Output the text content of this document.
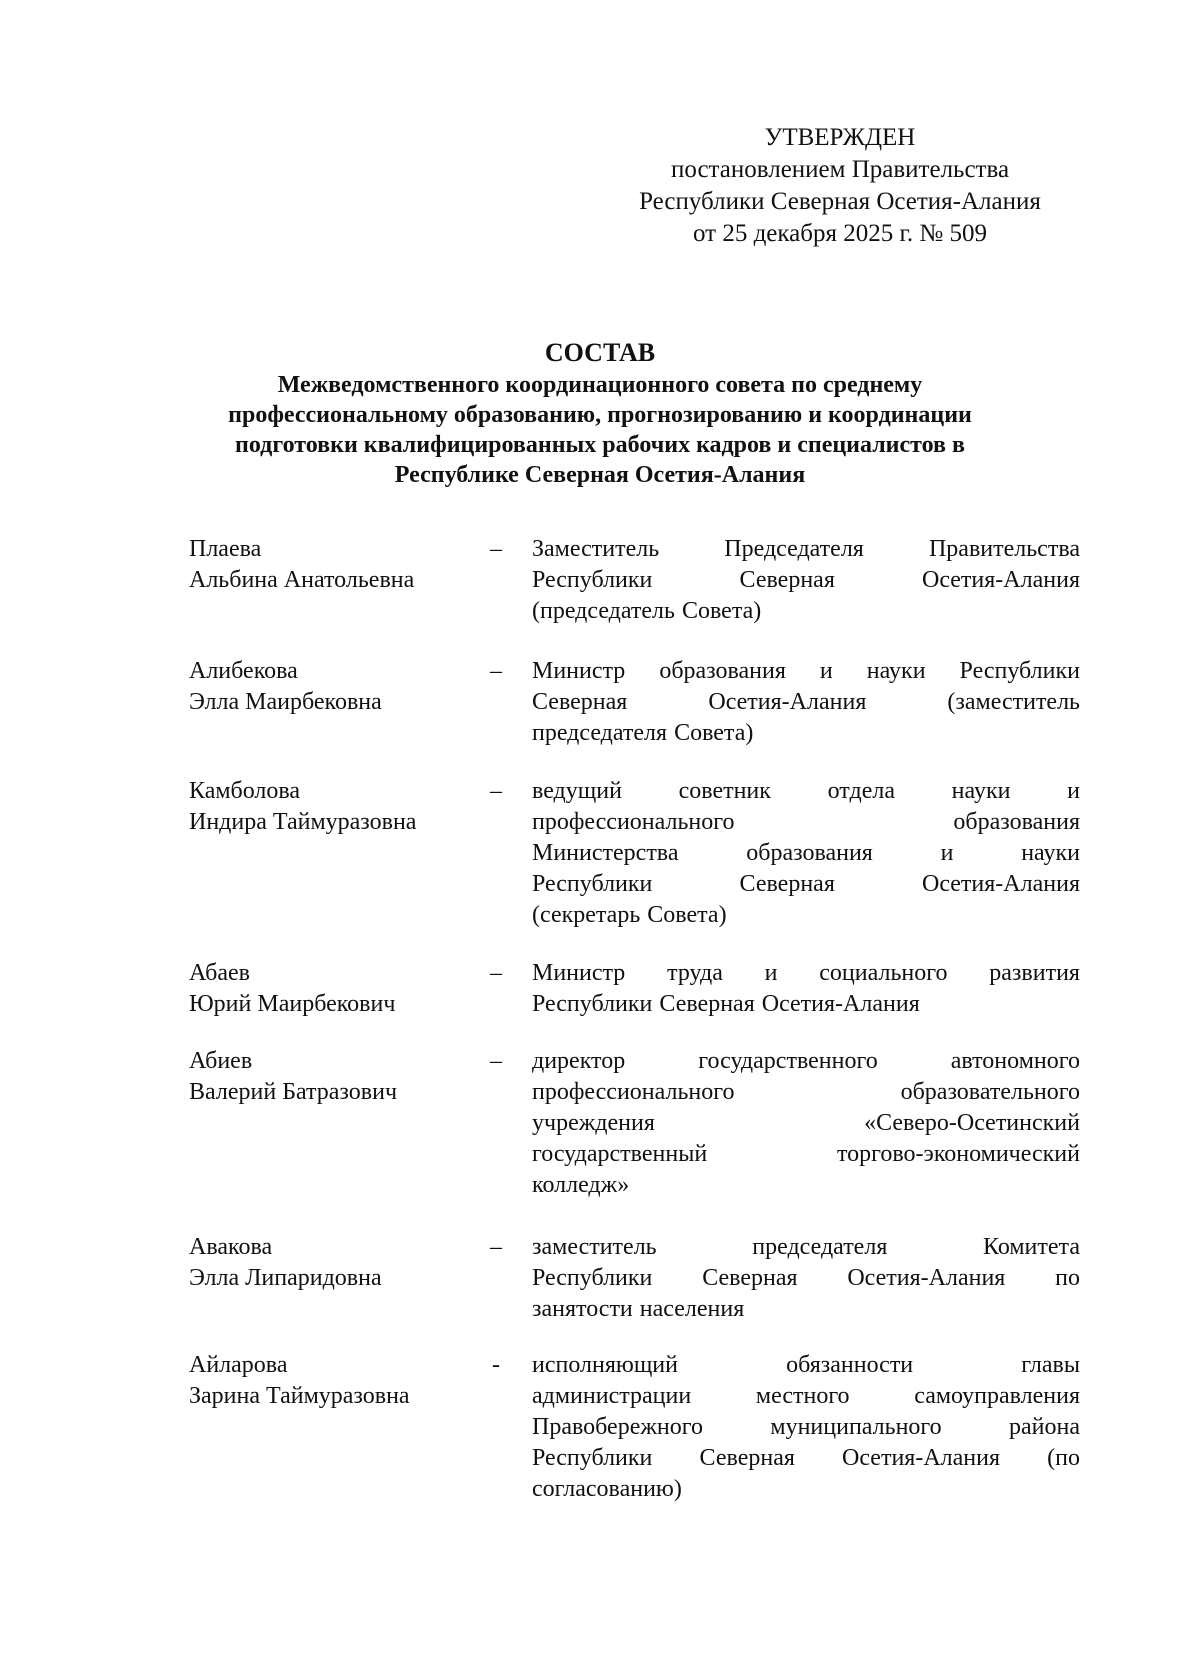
УТВЕРЖДЕН
постановлением Правительства
Республики Северная Осетия-Алания
от 25 декабря 2025 г. № 509
СОСТАВ
Межведомственного координационного совета по среднему
профессиональному образованию, прогнозированию и координации
подготовки квалифицированных рабочих кадров и специалистов в
Республике Северная Осетия-Алания
Плаева
Альбина Анатольевна
– Заместитель	Председателя	Правительства
Республики	Северная	Осетия-Алания
(председатель Совета)
Алибекова
Элла Маирбековна
– Министр образования и науки Республики
Северная	Осетия-Алания	(заместитель
председателя Совета)
Камболова
Индира Таймуразовна
– ведущий советник отдела науки и
профессионального	образования
Министерства	образования	и	науки
Республики	Северная	Осетия-Алания
(секретарь Совета)
Абаев
Юрий Маирбекович
– Министр труда и социального развития
Республики Северная Осетия-Алания
Абиев
Валерий Батразович
– директор	государственного	автономного
профессионального	образовательного
учреждения	«Северо-Осетинский
государственный	торгово-экономический
колледж»
Авакова
Элла Липаридовна
– заместитель	председателя	Комитета
Республики Северная Осетия-Алания по
занятости населения
Айларова
Зарина Таймуразовна
-	исполняющий	обязанности	главы
администрации	местного	самоуправления
Правобережного	муниципального	района
Республики Северная Осетия-Алания (по
согласованию)
